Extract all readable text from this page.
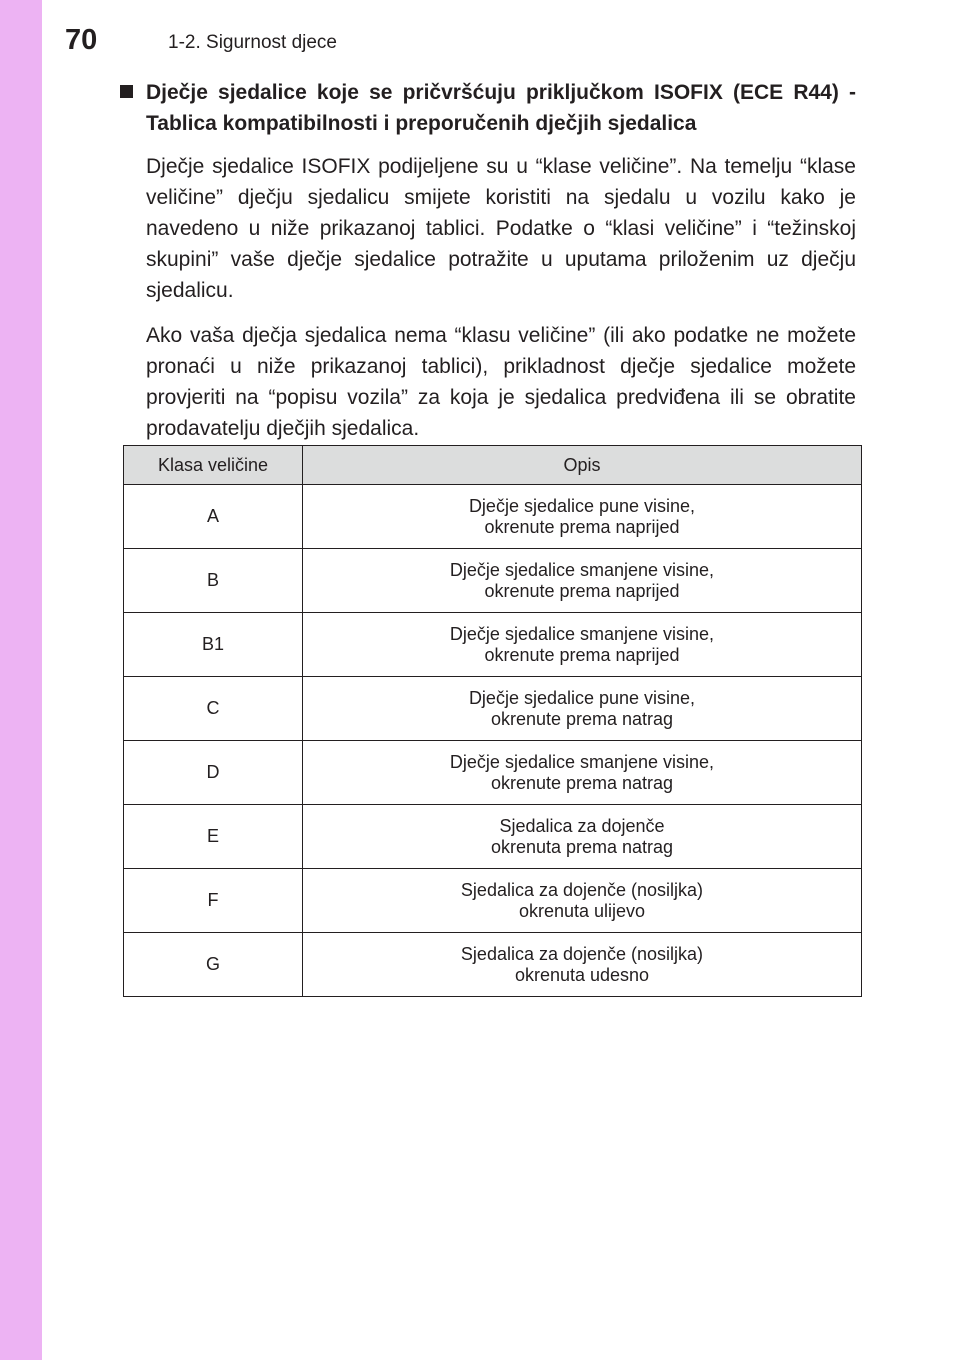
70	1-2. Sigurnost djece

Dječje sjedalice koje se pričvršćuju priključkom ISOFIX (ECE R44) - Tablica kompatibilnosti i preporučenih dječjih sjedalica

Dječje sjedalice ISOFIX podijeljene su u “klase veličine”. Na temelju “klase veličine” dječju sjedalicu smijete koristiti na sjedalu u vozilu kako je navedeno u niže prikazanoj tablici. Podatke o “klasi veličine” i “težinskoj skupini” vaše dječje sjedalice potražite u uputama priloženim uz dječju sjedalicu.

Ako vaša dječja sjedalica nema “klasu veličine” (ili ako podatke ne možete pronaći u niže prikazanoj tablici), prikladnost dječje sjedalice možete provjeriti na “popisu vozila” za koja je sjedalica predviđena ili se obratite prodavatelju dječjih sjedalica.

Klasa veličine	Opis
A	Dječje sjedalice pune visine,
okrenute prema naprijed

B	Dječje sjedalice smanjene visine,
okrenute prema naprijed

B1	Dječje sjedalice smanjene visine,
okrenute prema naprijed

C	Dječje sjedalice pune visine,
okrenute prema natrag

D	Dječje sjedalice smanjene visine,
okrenute prema natrag

E	Sjedalica za dojenče
okrenuta prema natrag

F	Sjedalica za dojenče (nosiljka)
okrenuta ulijevo

G	Sjedalica za dojenče (nosiljka)
okrenuta udesno
